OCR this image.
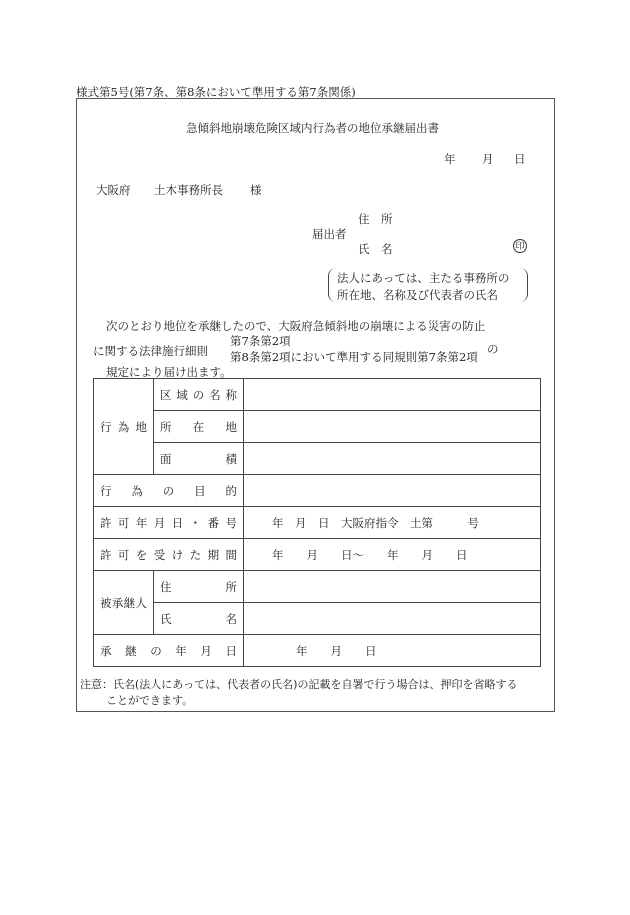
様式第5号(第7条、第8条において準用する第7条関係)
急傾斜地崩壊危険区域内行為者の地位承継届出書
年 月 日
大阪府 土木事務所長 様
届出者
住　所
氏　名	印
法人にあっては、主たる事務所の
所在地、名称及び代表者の氏名
次のとおり地位を承継したので、大阪府急傾斜地の崩壊による災害の防止
に関する法律施行細則
第7条第2項
第8条第2項において準用する同規則第7条第2項
の
規定により届け出ます。
行為地	区域の名称	

	所在地	

	面積	

行為の目的		

許可年月日・番号		年　月　日　大阪府指令　土第　　　号

許可を受けた期間		年　　月　　日〜　　年　　月　　日

被承継人	住所	

	氏名	

承継の年月日		年　　月　　日
注意：氏名(法人にあっては、代表者の氏名)の記載を自署で行う場合は、押印を省略する
ことができます。
